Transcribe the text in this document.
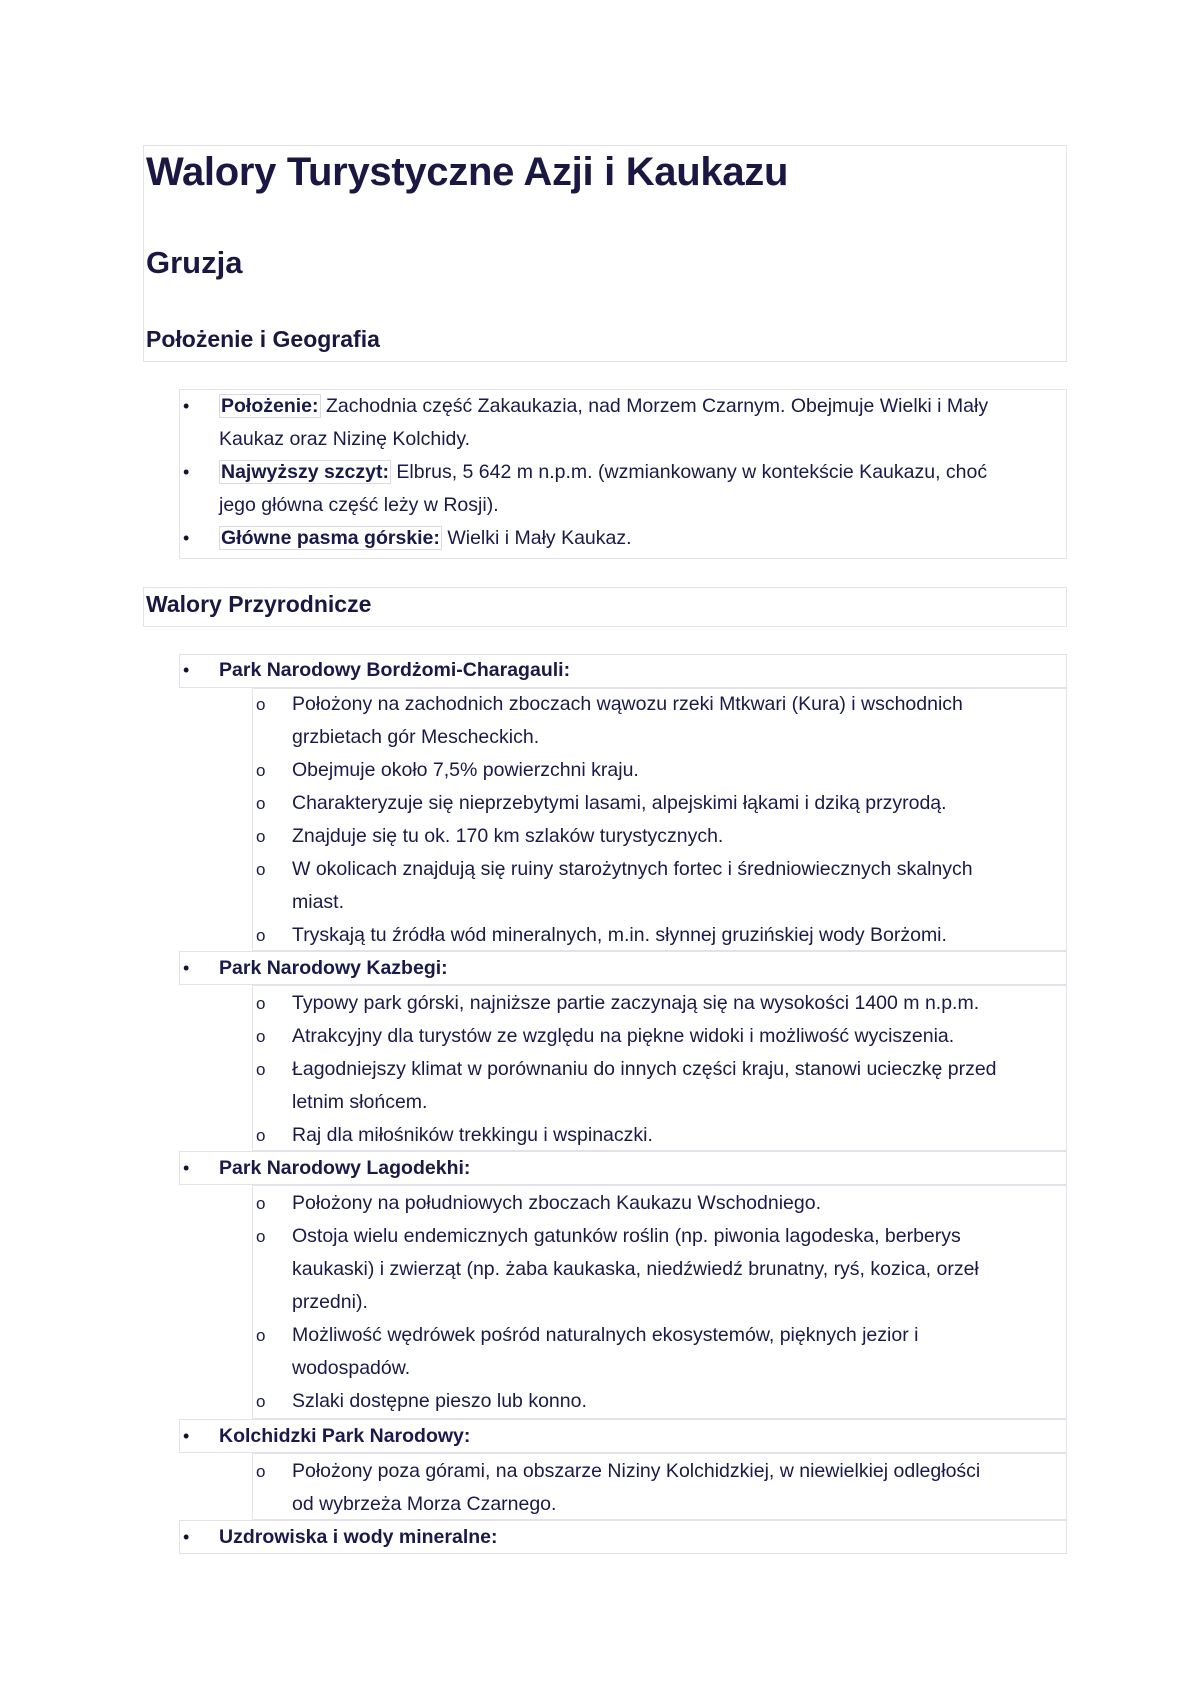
Walory Turystyczne Azji i Kaukazu
Gruzja
Położenie i Geografia
• Położenie: Zachodnia część Zakaukazia, nad Morzem Czarnym. Obejmuje Wielki i Mały
Kaukaz oraz Nizinę Kolchidy.
• Najwyższy szczyt: Elbrus, 5 642 m n.p.m. (wzmiankowany w kontekście Kaukazu, choć
jego główna część leży w Rosji).
• Główne pasma górskie: Wielki i Mały Kaukaz.
Walory Przyrodnicze
• Park Narodowy Bordżomi-Charagauli:
o Położony na zachodnich zboczach wąwozu rzeki Mtkwari (Kura) i wschodnich
grzbietach gór Mescheckich.
o Obejmuje około 7,5% powierzchni kraju.
o Charakteryzuje się nieprzebytymi lasami, alpejskimi łąkami i dziką przyrodą.
o Znajduje się tu ok. 170 km szlaków turystycznych.
o W okolicach znajdują się ruiny starożytnych fortec i średniowiecznych skalnych
miast.
o Tryskają tu źródła wód mineralnych, m.in. słynnej gruzińskiej wody Borżomi.
• Park Narodowy Kazbegi:
o Typowy park górski, najniższe partie zaczynają się na wysokości 1400 m n.p.m.
o Atrakcyjny dla turystów ze względu na piękne widoki i możliwość wyciszenia.
o Łagodniejszy klimat w porównaniu do innych części kraju, stanowi ucieczkę przed
letnim słońcem.
o Raj dla miłośników trekkingu i wspinaczki.
• Park Narodowy Lagodekhi:
o Położony na południowych zboczach Kaukazu Wschodniego.
o Ostoja wielu endemicznych gatunków roślin (np. piwonia lagodeska, berberys
kaukaski) i zwierząt (np. żaba kaukaska, niedźwiedź brunatny, ryś, kozica, orzeł
przedni).
o Możliwość wędrówek pośród naturalnych ekosystemów, pięknych jezior i
wodospadów.
o Szlaki dostępne pieszo lub konno.
• Kolchidzki Park Narodowy:
o Położony poza górami, na obszarze Niziny Kolchidzkiej, w niewielkiej odległości
od wybrzeża Morza Czarnego.
• Uzdrowiska i wody mineralne:
